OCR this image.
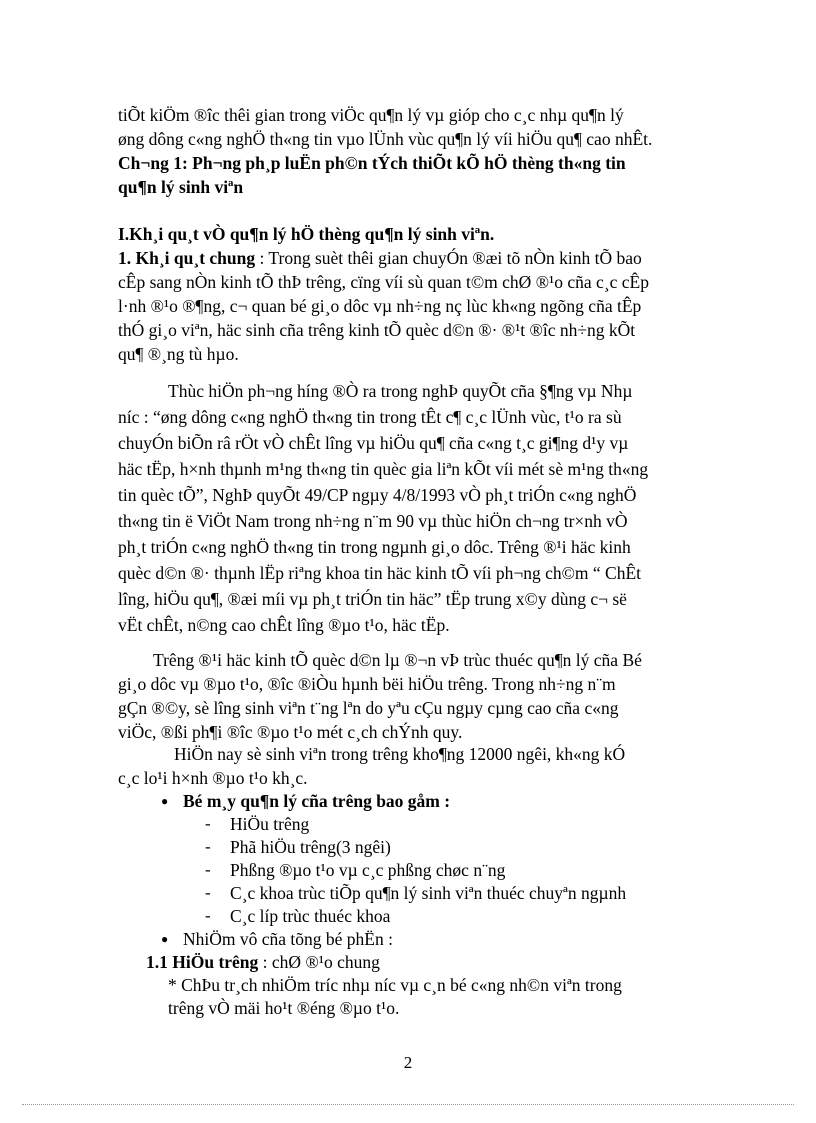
tiÕt kiÖm ®îc thêi gian trong viÖc qu¶n lý vµ gióp cho c¸c nhµ qu¶n lý
øng dông c«ng nghÖ th«ng tin vµo lÜnh vùc qu¶n lý víi hiÖu qu¶ cao nhÊt.
Ch¬ng 1: Ph¬ng ph¸p luËn ph©n tÝch thiÕt kÕ hÖ thèng th«ng tin
qu¶n lý sinh viªn
I.Kh¸i qu¸t vÒ qu¶n lý hÖ thèng qu¶n lý sinh viªn.
1. Kh¸i qu¸t chung : Trong suèt thêi gian chuyÓn ®æi tõ nÒn kinh tÕ bao
cÊp sang nÒn kinh tÕ thÞ trêng, cïng víi sù quan t©m chØ ®¹o cña c¸c cÊp
l·nh ®¹o ®¶ng, c¬ quan bé gi¸o dôc vµ nh÷ng nç lùc kh«ng ngõng cña tÊp
thÓ gi¸o viªn, häc sinh cña trêng kinh tÕ quèc d©n ®· ®¹t ®îc nh÷ng kÕt
qu¶ ®¸ng tù hµo.
Thùc hiÖn ph¬ng híng ®Ò ra trong nghÞ quyÕt cña §¶ng vµ Nhµ
níc : “øng dông c«ng nghÖ th«ng tin trong tÊt c¶ c¸c lÜnh vùc, t¹o ra sù
chuyÓn biÕn râ rÖt vÒ chÊt lîng vµ hiÖu qu¶ cña c«ng t¸c gi¶ng d¹y vµ
häc tËp, h×nh thµnh m¹ng th«ng tin quèc gia liªn kÕt víi mét sè m¹ng th«ng
tin quèc tÕ”, NghÞ quyÕt 49/CP ngµy 4/8/1993 vÒ ph¸t triÓn c«ng nghÖ
th«ng tin ë ViÖt Nam trong nh÷ng n¨m 90 vµ thùc hiÖn ch¬ng tr×nh vÒ
ph¸t triÓn c«ng nghÖ th«ng tin trong ngµnh gi¸o dôc. Trêng ®¹i häc kinh
quèc d©n ®· thµnh lËp riªng khoa tin häc kinh tÕ víi ph¬ng ch©m “ ChÊt
lîng, hiÖu qu¶, ®æi míi vµ ph¸t triÓn tin häc” tËp trung x©y dùng c¬ së
vËt chÊt, n©ng cao chÊt lîng ®µo t¹o, häc tËp.
Trêng ®¹i häc kinh tÕ quèc d©n lµ ®¬n vÞ trùc thuéc qu¶n lý cña Bé
gi¸o dôc vµ ®µo t¹o, ®îc ®iÒu hµnh bëi hiÖu trêng. Trong nh÷ng n¨m
gÇn ®©y, sè lîng sinh viªn t¨ng lªn do yªu cÇu ngµy cµng cao cña c«ng
viÖc, ®ßi ph¶i ®îc ®µo t¹o mét c¸ch chÝnh quy.
HiÖn nay sè sinh viªn trong trêng kho¶ng 12000 ngêi, kh«ng kÓ
c¸c lo¹i h×nh ®µo t¹o kh¸c.
● Bé m¸y qu¶n lý cña trêng bao gåm :
- HiÖu trêng
- Phã hiÖu trêng(3 ngêi)
- Phßng ®µo t¹o vµ c¸c phßng chøc n¨ng
- C¸c khoa trùc tiÕp qu¶n lý sinh viªn thuéc chuyªn ngµnh
- C¸c líp trùc thuéc khoa
● NhiÖm vô cña tõng bé phËn :
1.1 HiÖu trêng : chØ ®¹o chung
* ChÞu tr¸ch nhiÖm tríc nhµ níc vµ c¸n bé c«ng nh©n viªn trong
trêng vÒ mäi ho¹t ®éng ®µo t¹o.
2
